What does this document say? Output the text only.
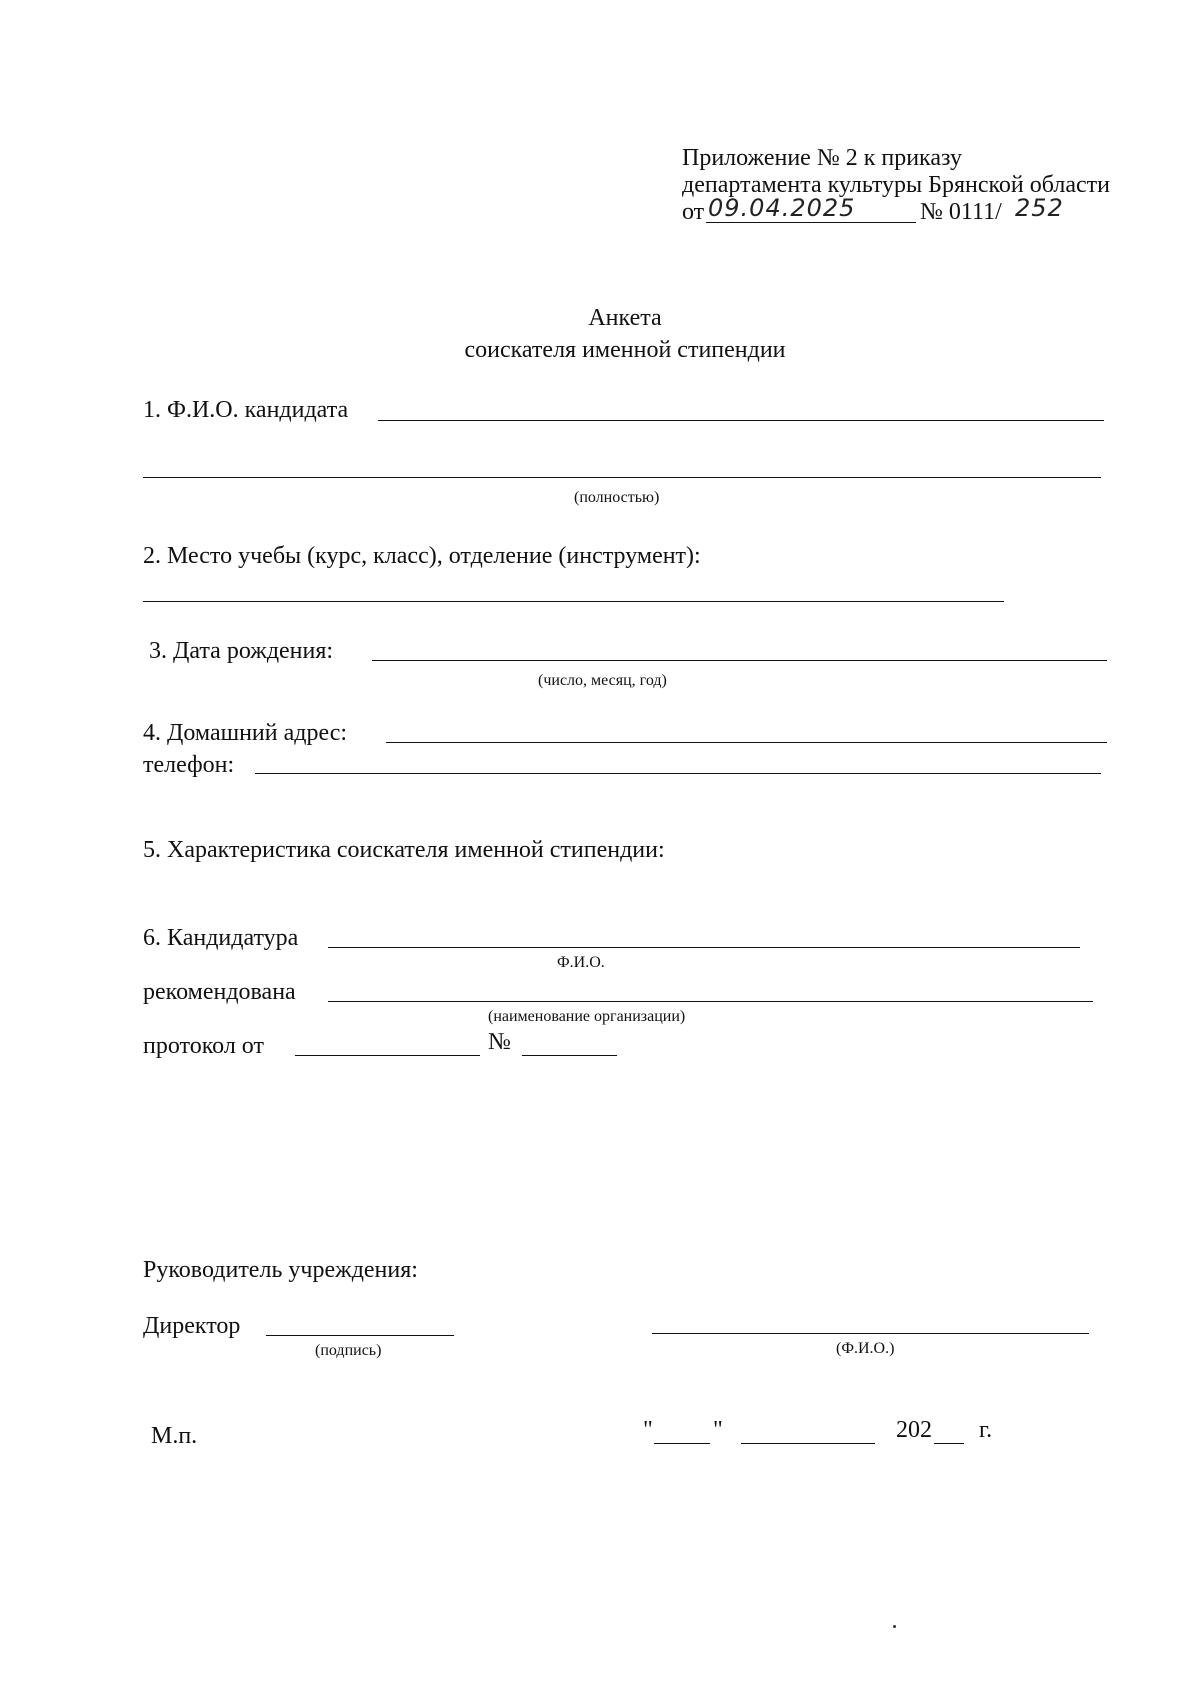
Приложение № 2 к приказу
департамента культуры Брянской области
от 09.04.2025	№ 0111/ 252
Анкета
соискателя именной стипендии
1. Ф.И.О. кандидата
(полностью)
2. Место учебы (курс, класс), отделение (инструмент):
3. Дата рождения:
(число, месяц, год)
4. Домашний адрес:
телефон:
5. Характеристика соискателя именной стипендии:
6. Кандидатура
Ф.И.О.
рекомендована
(наименование организации)
протокол от	№
Руководитель учреждения:
Директор
(подпись)	(Ф.И.О.)
М.п.	"	"	202 г.
